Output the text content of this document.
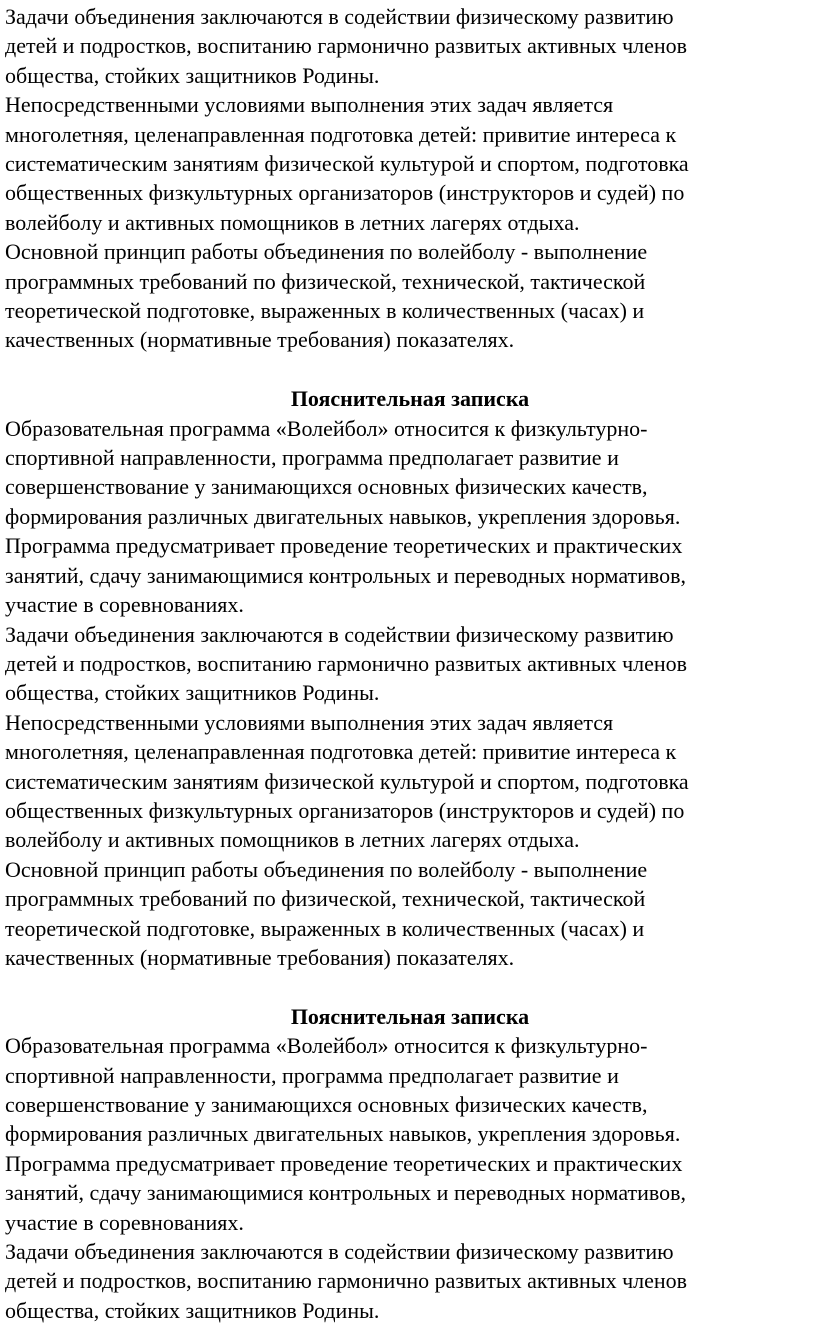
Задачи объединения заключаются в содействии физическому развитию
детей и подростков, воспитанию гармонично развитых активных членов
общества, стойких защитников Родины.

Непосредственными условиями выполнения этих задач является
многолетняя, целенаправленная подготовка детей: привитие интереса к
систематическим занятиям физической культурой и спортом, подготовка
общественных физкультурных организаторов (инструкторов и судей) по
волейболу и активных помощников в летних лагерях отдыха.

Основной принцип работы объединения по волейболу - выполнение
программных требований по физической, технической, тактической
теоретической подготовке, выраженных в количественных (часах) и
качественных (нормативные требования) показателях.

Пояснительная записка

Образовательная программа «Волейбол» относится к физкультурно-
спортивной направленности, программа предполагает развитие и
совершенствование у занимающихся основных физических качеств,
формирования различных двигательных навыков, укрепления здоровья.

Программа предусматривает проведение теоретических и практических
занятий, сдачу занимающимися контрольных и переводных нормативов,
участие в соревнованиях.

Задачи объединения заключаются в содействии физическому развитию
детей и подростков, воспитанию гармонично развитых активных членов
общества, стойких защитников Родины.

Непосредственными условиями выполнения этих задач является
многолетняя, целенаправленная подготовка детей: привитие интереса к
систематическим занятиям физической культурой и спортом, подготовка
общественных физкультурных организаторов (инструкторов и судей) по
волейболу и активных помощников в летних лагерях отдыха.

Основной принцип работы объединения по волейболу - выполнение
программных требований по физической, технической, тактической
теоретической подготовке, выраженных в количественных (часах) и
качественных (нормативные требования) показателях.

Пояснительная записка

Образовательная программа «Волейбол» относится к физкультурно-
спортивной направленности, программа предполагает развитие и
совершенствование у занимающихся основных физических качеств,
формирования различных двигательных навыков, укрепления здоровья.

Программа предусматривает проведение теоретических и практических
занятий, сдачу занимающимися контрольных и переводных нормативов,
участие в соревнованиях.

Задачи объединения заключаются в содействии физическому развитию
детей и подростков, воспитанию гармонично развитых активных членов
общества, стойких защитников Родины.
